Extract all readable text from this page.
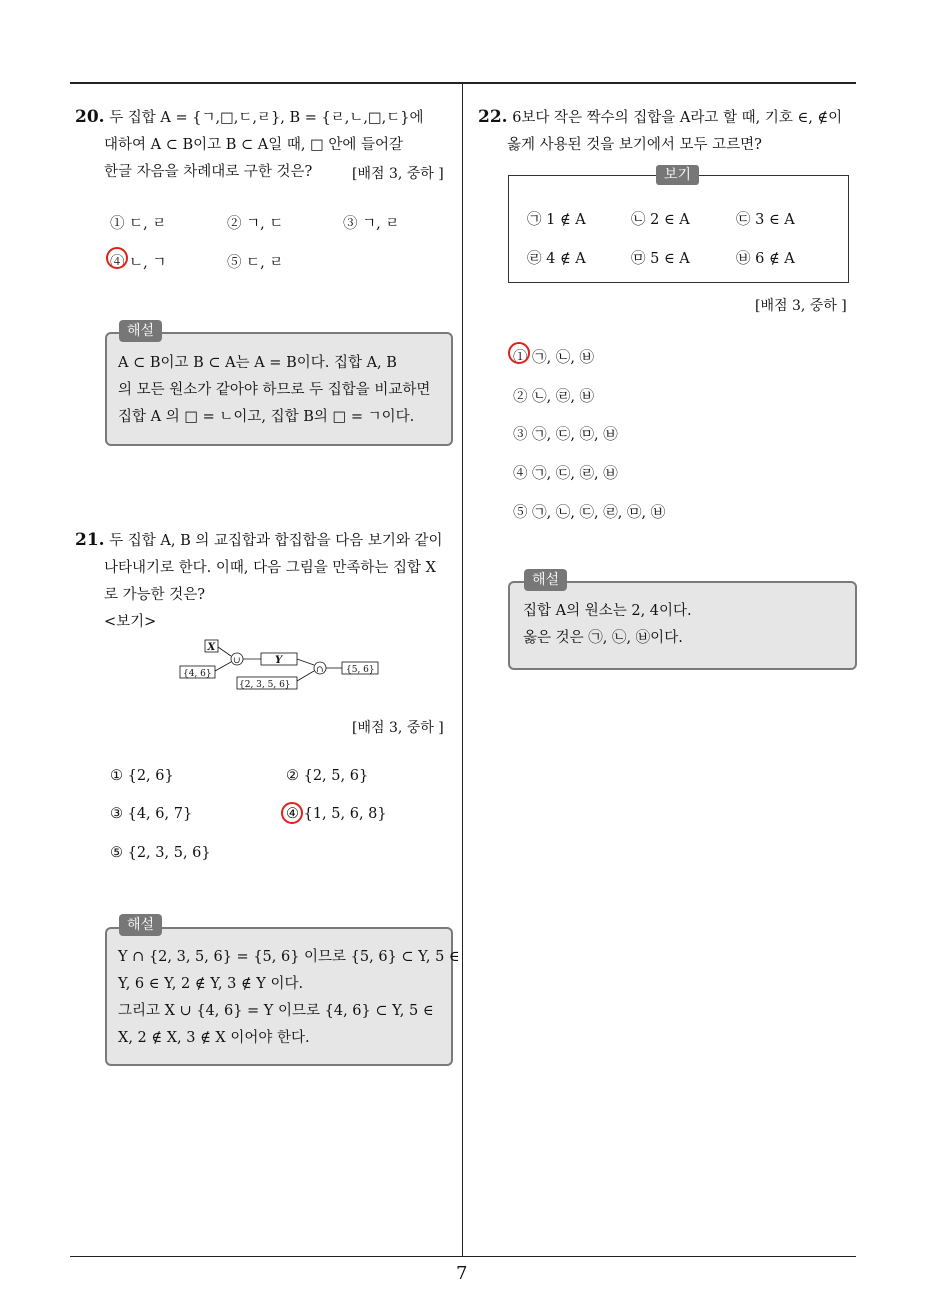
20. 두 집합 A = {ㄱ,□,ㄷ,ㄹ}, B = {ㄹ,ㄴ,□,ㄷ}에
대하여 A ⊂ B이고 B ⊂ A일 때, □ 안에 들어갈
한글 자음을 차례대로 구한 것은?	[배점 3, 중하 ]
① ㄷ, ㄹ	② ㄱ, ㄷ	③ ㄱ, ㄹ
④ ㄴ, ㄱ	⑤ ㄷ, ㄹ
해설
A ⊂ B이고 B ⊂ A는 A = B이다. 집합 A, B
의 모든 원소가 같아야 하므로 두 집합을 비교하면
집합 A 의 □ = ㄴ이고, 집합 B의 □ = ㄱ이다.
21. 두 집합 A, B 의 교집합과 합집합을 다음 보기와 같이
나타내기로 한다. 이때, 다음 그림을 만족하는 집합 X
로 가능한 것은?
<보기>
X
{4, 6}
∪	Y
{2, 3, 5, 6}
∩ {5, 6}
[배점 3, 중하 ]
① {2, 6}	② {2, 5, 6}
③ {4, 6, 7}	④ {1, 5, 6, 8}
⑤ {2, 3, 5, 6}
해설
Y ∩ {2, 3, 5, 6} = {5, 6} 이므로 {5, 6} ⊂ Y, 5 ∈
Y, 6 ∈ Y, 2 ∉ Y, 3 ∉ Y 이다.
그리고 X ∪ {4, 6} = Y 이므로 {4, 6} ⊂ Y, 5 ∈
X, 2 ∉ X, 3 ∉ X 이어야 한다.
22. 6보다 작은 짝수의 집합을 A라고 할 때, 기호 ∈, ∉이
옳게 사용된 것을 보기에서 모두 고르면?
보기
㉠ 1 ∉ A	㉡ 2 ∈ A	㉢ 3 ∈ A
㉣ 4 ∉ A	㉤ 5 ∈ A	㉥ 6 ∉ A
[배점 3, 중하 ]
① ㉠, ㉡, ㉥
② ㉡, ㉣, ㉥
③ ㉠, ㉢, ㉤, ㉥
④ ㉠, ㉢, ㉣, ㉥
⑤ ㉠, ㉡, ㉢, ㉣, ㉤, ㉥
해설
집합 A의 원소는 2, 4이다.
옳은 것은 ㉠, ㉡, ㉥이다.
7
